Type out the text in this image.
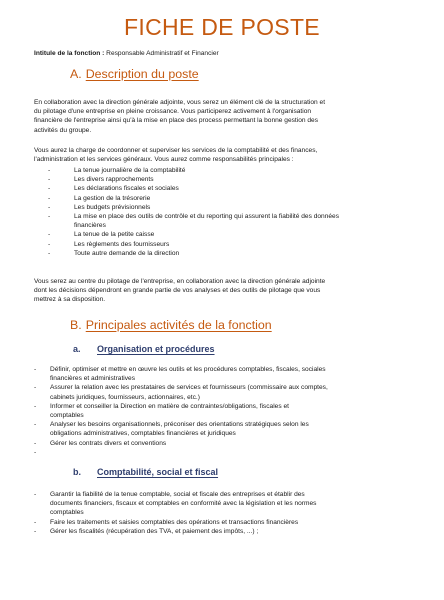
FICHE DE POSTE
Intitule de la fonction : Responsable Administratif et Financier
A. Description du poste
En collaboration avec la direction générale adjointe, vous serez un élément clé de la structuration et
du pilotage d'une entreprise en pleine croissance. Vous participerez activement à l'organisation
financière de l'entreprise ainsi qu'à la mise en place des process permettant la bonne gestion des
activités du groupe.
Vous aurez la charge de coordonner et superviser les services de la comptabilité et des finances,
l'administration et les services généraux. Vous aurez comme responsabilités principales :
-	La tenue journalière de la comptabilité
-	Les divers rapprochements
-	Les déclarations fiscales et sociales
-	La gestion de la trésorerie
-	Les budgets prévisionnels
-	La mise en place des outils de contrôle et du reporting qui assurent la fiabilité des données
financières
-	La tenue de la petite caisse
-	Les règlements des fournisseurs
-	Toute autre demande de la direction
Vous serez au centre du pilotage de l'entreprise, en collaboration avec la direction générale adjointe
dont les décisions dépendront en grande partie de vos analyses et des outils de pilotage que vous
mettrez à sa disposition.
B. Principales activités de la fonction
a. Organisation et procédures
- Définir, optimiser et mettre en œuvre les outils et les procédures comptables, fiscales, sociales
financières et administratives
- Assurer la relation avec les prestataires de services et fournisseurs (commissaire aux comptes,
cabinets juridiques, fournisseurs, actionnaires, etc.)
- Informer et conseiller la Direction en matière de contraintes/obligations, fiscales et
comptables
- Analyser les besoins organisationnels, préconiser des orientations stratégiques selon les
obligations administratives, comptables financières et juridiques
- Gérer les contrats divers et conventions
-

b. Comptabilité, social et fiscal
- Garantir la fiabilité de la tenue comptable, social et fiscale des entreprises et établir des
documents financiers, fiscaux et comptables en conformité avec la législation et les normes
comptables
- Faire les traitements et saisies comptables des opérations et transactions financières
- Gérer les fiscalités (récupération des TVA, et paiement des impôts, ...) ;
